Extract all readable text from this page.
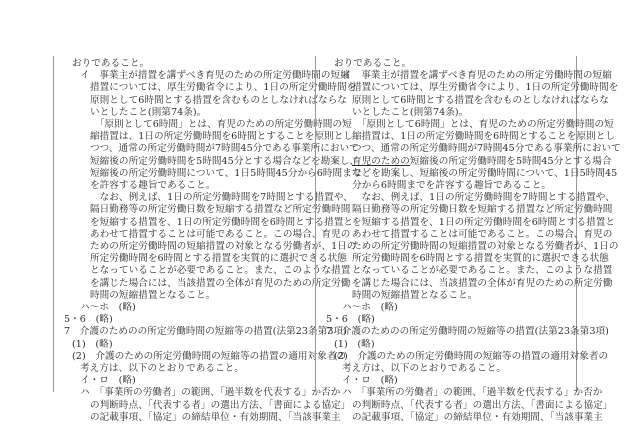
おりであること。
イ　事業主が措置を講ずべき育児のための所定労働時間の短縮
措置については、厚生労働省令により、1日の所定労働時間を
原則として6時間とする措置を含むものとしなければならな
いとしたこと(則第74条)。
　「原則として6時間」とは、育児のための所定労働時間の短
縮措置は、1日の所定労働時間を6時間とすることを原則とし
つつ、通常の所定労働時間が7時間45分である事業所において
短縮後の所定労働時間を5時間45分とする場合などを勘案し、
短縮後の所定労働時間について、1日5時間45分から6時間まで
を許容する趣旨であること。
　なお、例えば、1日の所定労働時間を7時間とする措置や、
隔日勤務等の所定労働日数を短縮する措置など所定労働時間
を短縮する措置を、1日の所定労働時間を6時間とする措置と
あわせて措置することは可能であること。この場合、育児の
ための所定労働時間の短縮措置の対象となる労働者が、1日の
所定労働時間を6時間とする措置を実質的に選択できる状態
となっていることが必要であること。また、このような措置
を講じた場合には、当該措置の全体が育児のための所定労働
時間の短縮措置となること。
ハ～ホ　(略)
5・6　(略)
7　介護のためのの所定労働時間の短縮等の措置(法第23条第3項)
(1)　(略)
(2)　介護のための所定労働時間の短縮等の措置の適用対象者の
考え方は、以下のとおりであること。
イ・ロ　(略)
ハ　「事業所の労働者」の範囲、「過半数を代表する」か否か
の判断時点、「代表する者」の選出方法、「書面による協定」
の記載事項、「協定」の締結単位・有効期間、「当該事業主
おりであること。
イ　事業主が措置を講ずべき育児のための所定労働時間の短縮
措置については、厚生労働省令により、1日の所定労働時間を
原則として6時間とする措置を含むものとしなければならな
いとしたこと(則第74条)。
　「原則として6時間」とは、育児のための所定労働時間の短
縮措置は、1日の所定労働時間を6時間とすることを原則とし
つつ、通常の所定労働時間が7時間45分である事業所において
育児のための短縮後の所定労働時間を5時間45分とする場合
などを勘案し、短縮後の所定労働時間について、1日5時間45
分から6時間までを許容する趣旨であること。
　なお、例えば、1日の所定労働時間を7時間とする措置や、
隔日勤務等の所定労働日数を短縮する措置など所定労働時間
を短縮する措置を、1日の所定労働時間を6時間とする措置と
あわせて措置することは可能であること。この場合、育児の
ための所定労働時間の短縮措置の対象となる労働者が、1日の
所定労働時間を6時間とする措置を実質的に選択できる状態
となっていることが必要であること。また、このような措置
を講じた場合には、当該措置の全体が育児のための所定労働
時間の短縮措置となること。
ハ～ホ　(略)
5・6　(略)
7　介護のためのの所定労働時間の短縮等の措置(法第23条第3項)
(1)　(略)
(2)　介護のための所定労働時間の短縮等の措置の適用対象者の
考え方は、以下のとおりであること。
イ・ロ　(略)
ハ　「事業所の労働者」の範囲、「過半数を代表する」か否か
の判断時点、「代表する者」の選出方法、「書面による協定」
の記載事項、「協定」の締結単位・有効期間、「当該事業主
